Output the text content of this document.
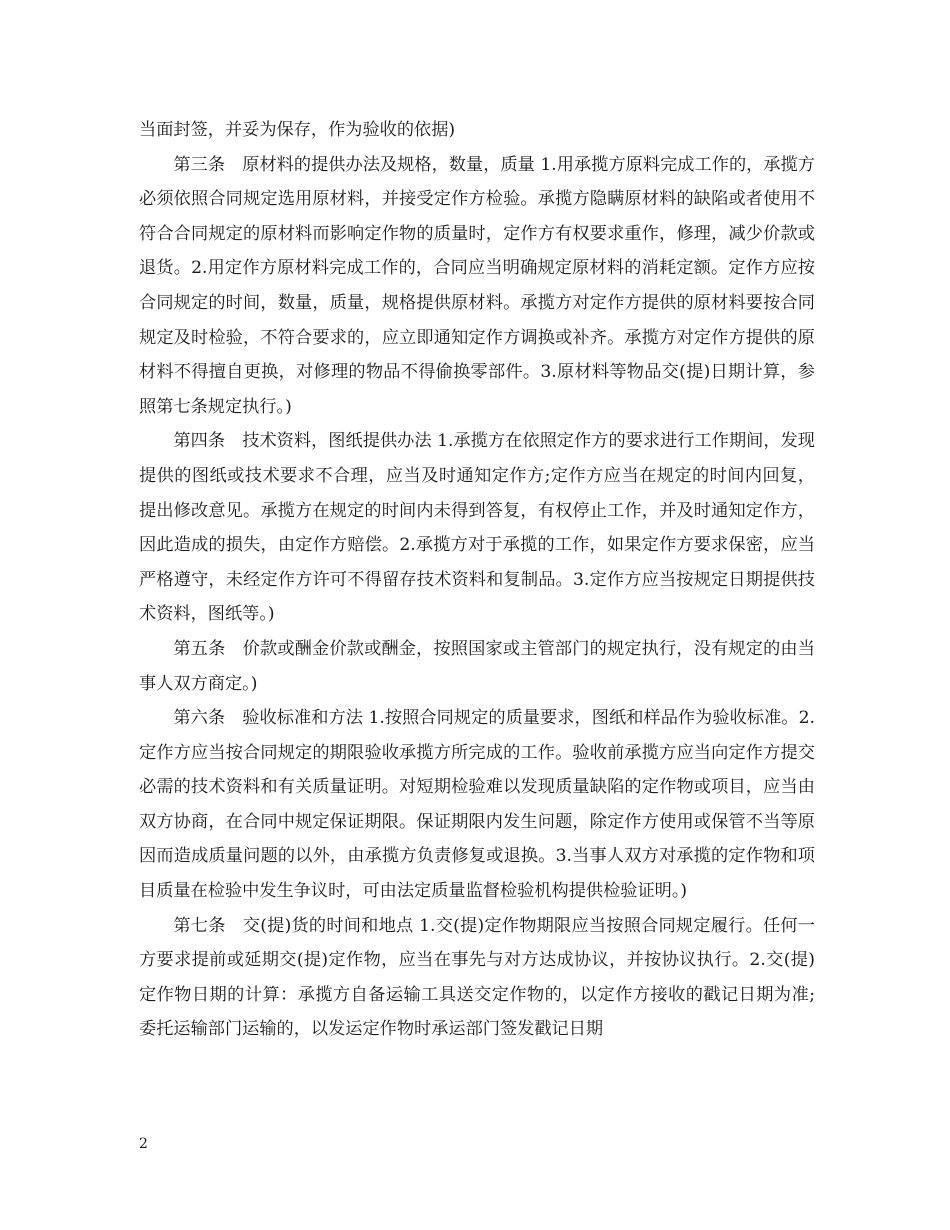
当面封签，并妥为保存，作为验收的依据)

第三条 原材料的提供办法及规格，数量，质量 1.用承揽方原料完成工作的，承揽方必须依照合同规定选用原材料，并接受定作方检验。承揽方隐瞒原材料的缺陷或者使用不符合合同规定的原材料而影响定作物的质量时，定作方有权要求重作，修理，减少价款或退货。2.用定作方原材料完成工作的，合同应当明确规定原材料的消耗定额。定作方应按合同规定的时间，数量，质量，规格提供原材料。承揽方对定作方提供的原材料要按合同规定及时检验，不符合要求的，应立即通知定作方调换或补齐。承揽方对定作方提供的原材料不得擅自更换，对修理的物品不得偷换零部件。3.原材料等物品交(提)日期计算，参照第七条规定执行。)

第四条 技术资料，图纸提供办法 1.承揽方在依照定作方的要求进行工作期间，发现提供的图纸或技术要求不合理，应当及时通知定作方;定作方应当在规定的时间内回复，提出修改意见。承揽方在规定的时间内未得到答复，有权停止工作，并及时通知定作方，因此造成的损失，由定作方赔偿。2.承揽方对于承揽的工作，如果定作方要求保密，应当严格遵守，未经定作方许可不得留存技术资料和复制品。3.定作方应当按规定日期提供技术资料，图纸等。)

第五条 价款或酬金价款或酬金，按照国家或主管部门的规定执行，没有规定的由当事人双方商定。)

第六条 验收标准和方法 1.按照合同规定的质量要求，图纸和样品作为验收标准。2.定作方应当按合同规定的期限验收承揽方所完成的工作。验收前承揽方应当向定作方提交必需的技术资料和有关质量证明。对短期检验难以发现质量缺陷的定作物或项目，应当由双方协商，在合同中规定保证期限。保证期限内发生问题，除定作方使用或保管不当等原因而造成质量问题的以外，由承揽方负责修复或退换。3.当事人双方对承揽的定作物和项目质量在检验中发生争议时，可由法定质量监督检验机构提供检验证明。)

第七条 交(提)货的时间和地点 1.交(提)定作物期限应当按照合同规定履行。任何一方要求提前或延期交(提)定作物，应当在事先与对方达成协议，并按协议执行。2.交(提)定作物日期的计算：承揽方自备运输工具送交定作物的，以定作方接收的戳记日期为准;委托运输部门运输的，以发运定作物时承运部门签发戳记日期

2
